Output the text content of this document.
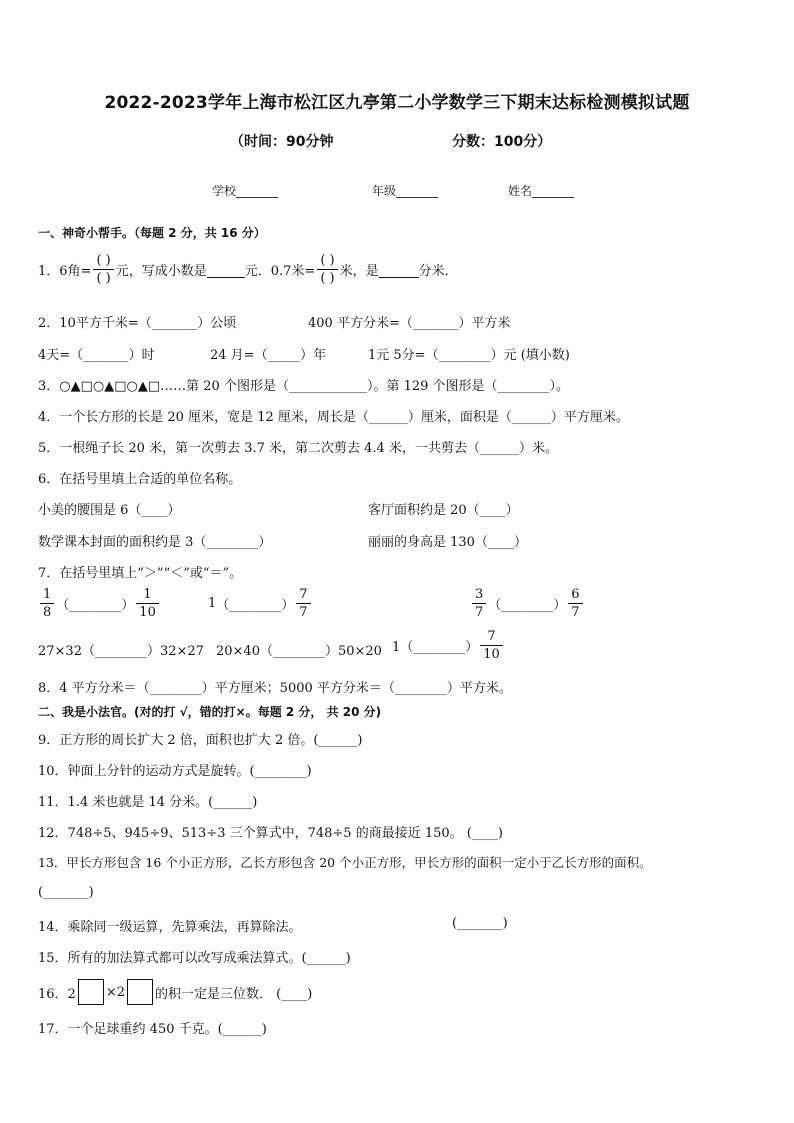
2022-2023学年上海市松江区九亭第二小学数学三下期末达标检测模拟试题
（时间：90分钟	分数：100分）
学校_______	年级_______	姓名_______
一、神奇小帮手。（每题 2 分，共 16 分）
1．6角= $\frac{( )}{( )}$ 元，写成小数是
	元．0.7米= $\frac{( )}{( )}$ 米，是
	分米．
2．10平方千米=（_______）公顷	400 平方分米=（_______）平方米
4天=（_______）时	24 月=（_____）年	1元 5分=（________）元 (填小数)
3．○▲□○▲□○▲□……第 20 个图形是（____________）。第 129 个图形是（________）。
4．一个长方形的长是 20 厘米，宽是 12 厘米，周长是（______）厘米，面积是（______）平方厘米。
5．一根绳子长 20 米，第一次剪去 3.7 米，第二次剪去 4.4 米，一共剪去（______）米。
6．在括号里填上合适的单位名称。
小美的腰围是 6（____）	客厅面积约是 20（____）
数学课本封面的面积约是 3（________）	丽丽的身高是 130（____）
7．在括号里填上“＞”“＜”或“＝”。
$\frac{1}{8}$ （________） $\frac{1}{10}$	1 （________） $\frac{7}{7}$	$\frac{3}{7}$ （________） $\frac{6}{7}$
27×32（________）32×27 20×40（________）50×20 1（________） $\frac{7}{10}$
8．4 平方分米＝（________）平方厘米；5000 平方分米＝（________）平方米。
二、我是小法官。(对的打 √，错的打×。每题 2 分， 共 20 分)
9．正方形的周长扩大 2 倍，面积也扩大 2 倍。(______)
10．钟面上分针的运动方式是旋转。(________)
11．1.4 米也就是 14 分米。(______)
12．748÷5、945÷9、513÷3 三个算式中，748÷5 的商最接近 150。 (____)
13．甲长方形包含 16 个小正方形，乙长方形包含 20 个小正方形，甲长方形的面积一定小于乙长方形的面积。
(_______)
14．乘除同一级运算，先算乘法，再算除法。	(_______)
15．所有的加法算式都可以改写成乘法算式。(______)
16．2 ×2 的积一定是三位数． (____)
17．一个足球重约 450 千克。(______)
